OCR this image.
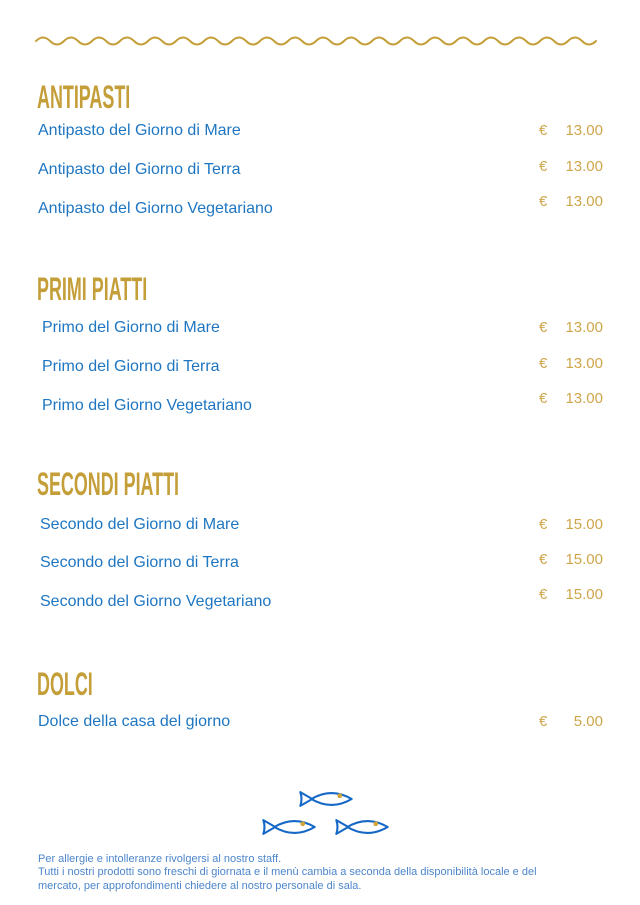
ANTIPASTI
Antipasto del Giorno di Mare	€ 13.00
Antipasto del Giorno di Terra	€ 13.00
Antipasto del Giorno Vegetariano	€ 13.00
PRIMI PIATTI
Primo del Giorno di Mare	€ 13.00
Primo del Giorno di Terra	€ 13.00
Primo del Giorno Vegetariano	€ 13.00
SECONDI PIATTI
Secondo del Giorno di Mare	€ 15.00
Secondo del Giorno di Terra	€ 15.00
Secondo del Giorno Vegetariano	€ 15.00
DOLCI
Dolce della casa del giorno	€ 5.00
Per allergie e intolleranze rivolgersi al nostro staff.
Tutti i nostri prodotti sono freschi di giornata e il menù cambia a seconda della disponibilità locale e del
mercato, per approfondimenti chiedere al nostro personale di sala.
